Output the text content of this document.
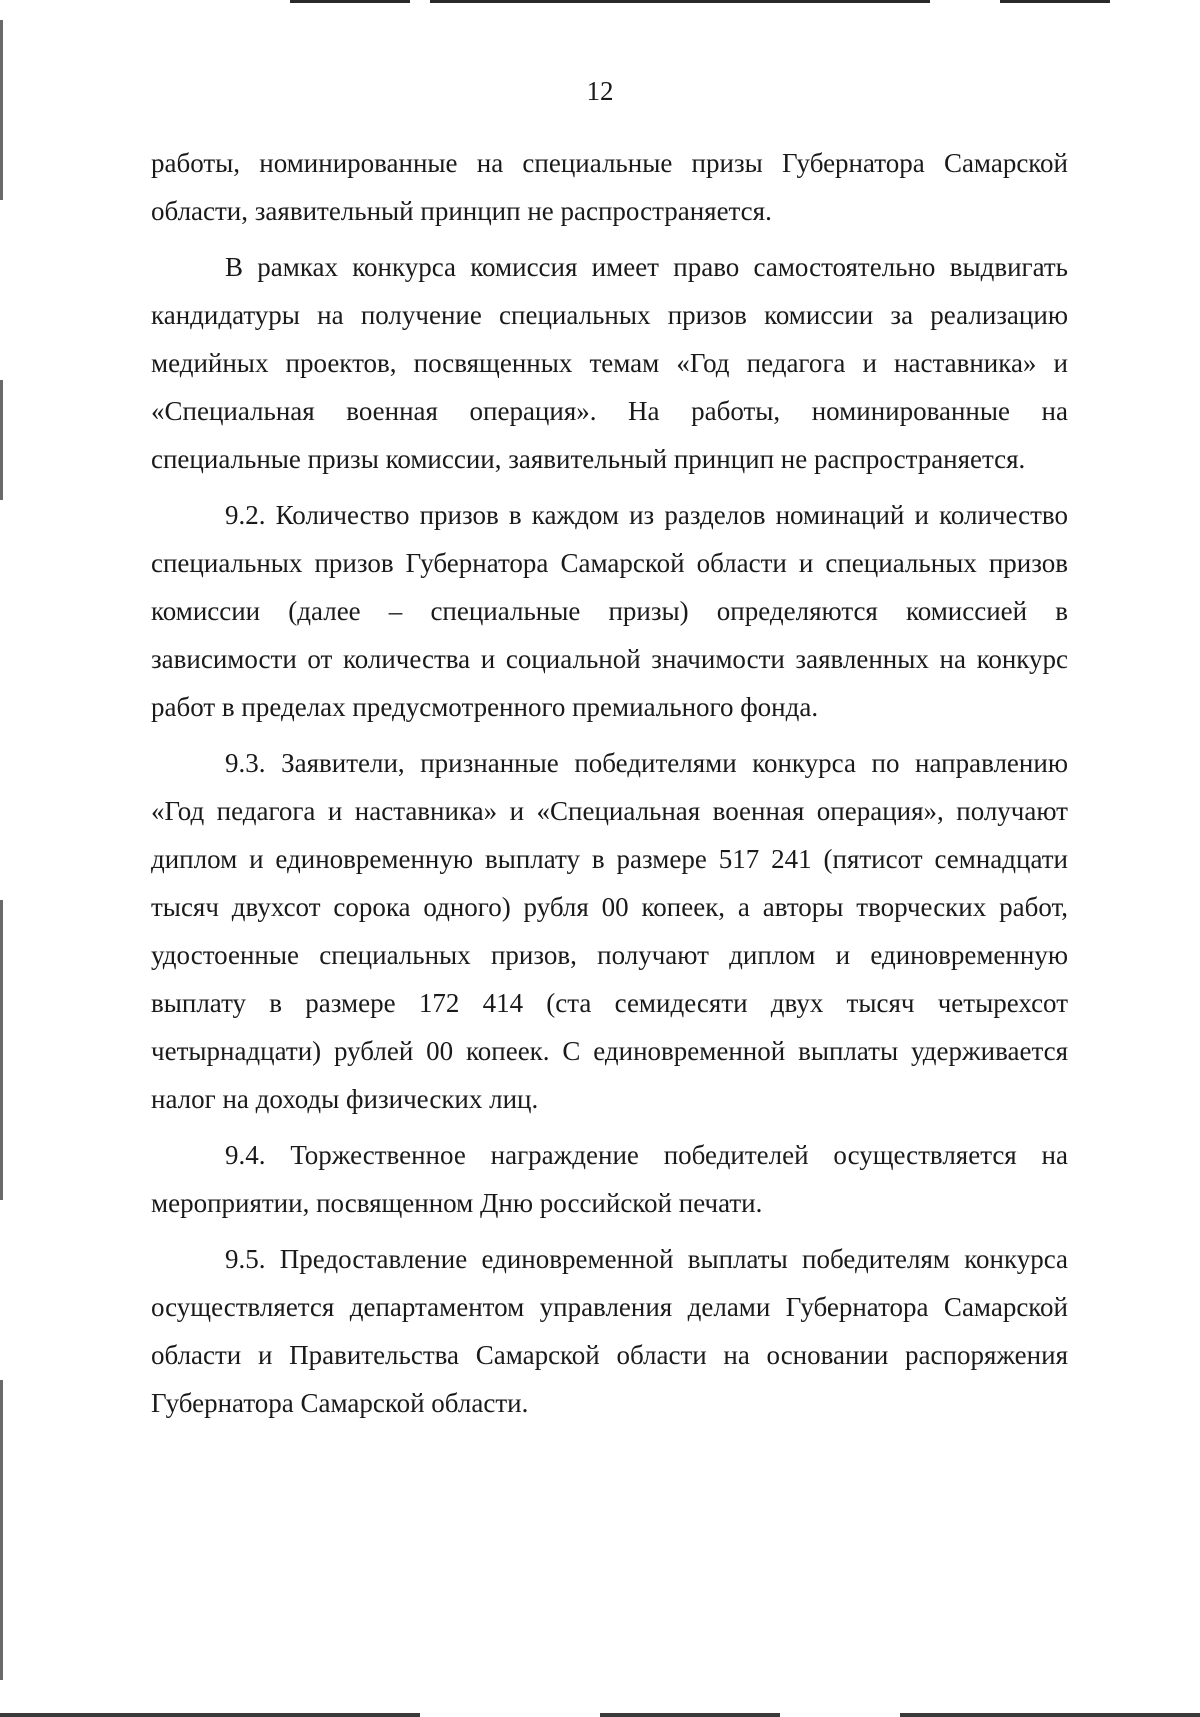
12

работы, номинированные на специальные призы Губернатора Самарской области, заявительный принцип не распространяется.

В рамках конкурса комиссия имеет право самостоятельно выдвигать кандидатуры на получение специальных призов комиссии за реализацию медийных проектов, посвященных темам «Год педагога и наставника» и «Специальная военная операция». На работы, номинированные на специальные призы комиссии, заявительный принцип не распространяется.

9.2. Количество призов в каждом из разделов номинаций и количество специальных призов Губернатора Самарской области и специальных призов комиссии (далее – специальные призы) определяются комиссией в зависимости от количества и социальной значимости заявленных на конкурс работ в пределах предусмотренного премиального фонда.

9.3. Заявители, признанные победителями конкурса по направлению «Год педагога и наставника» и «Специальная военная операция», получают диплом и единовременную выплату в размере 517 241 (пятисот семнадцати тысяч двухсот сорока одного) рубля 00 копеек, а авторы творческих работ, удостоенные специальных призов, получают диплом и единовременную выплату в размере 172 414 (ста семидесяти двух тысяч четырехсот четырнадцати) рублей 00 копеек. С единовременной выплаты удерживается налог на доходы физических лиц.

9.4. Торжественное награждение победителей осуществляется на мероприятии, посвященном Дню российской печати.

9.5. Предоставление единовременной выплаты победителям конкурса осуществляется департаментом управления делами Губернатора Самарской области и Правительства Самарской области на основании распоряжения Губернатора Самарской области.
